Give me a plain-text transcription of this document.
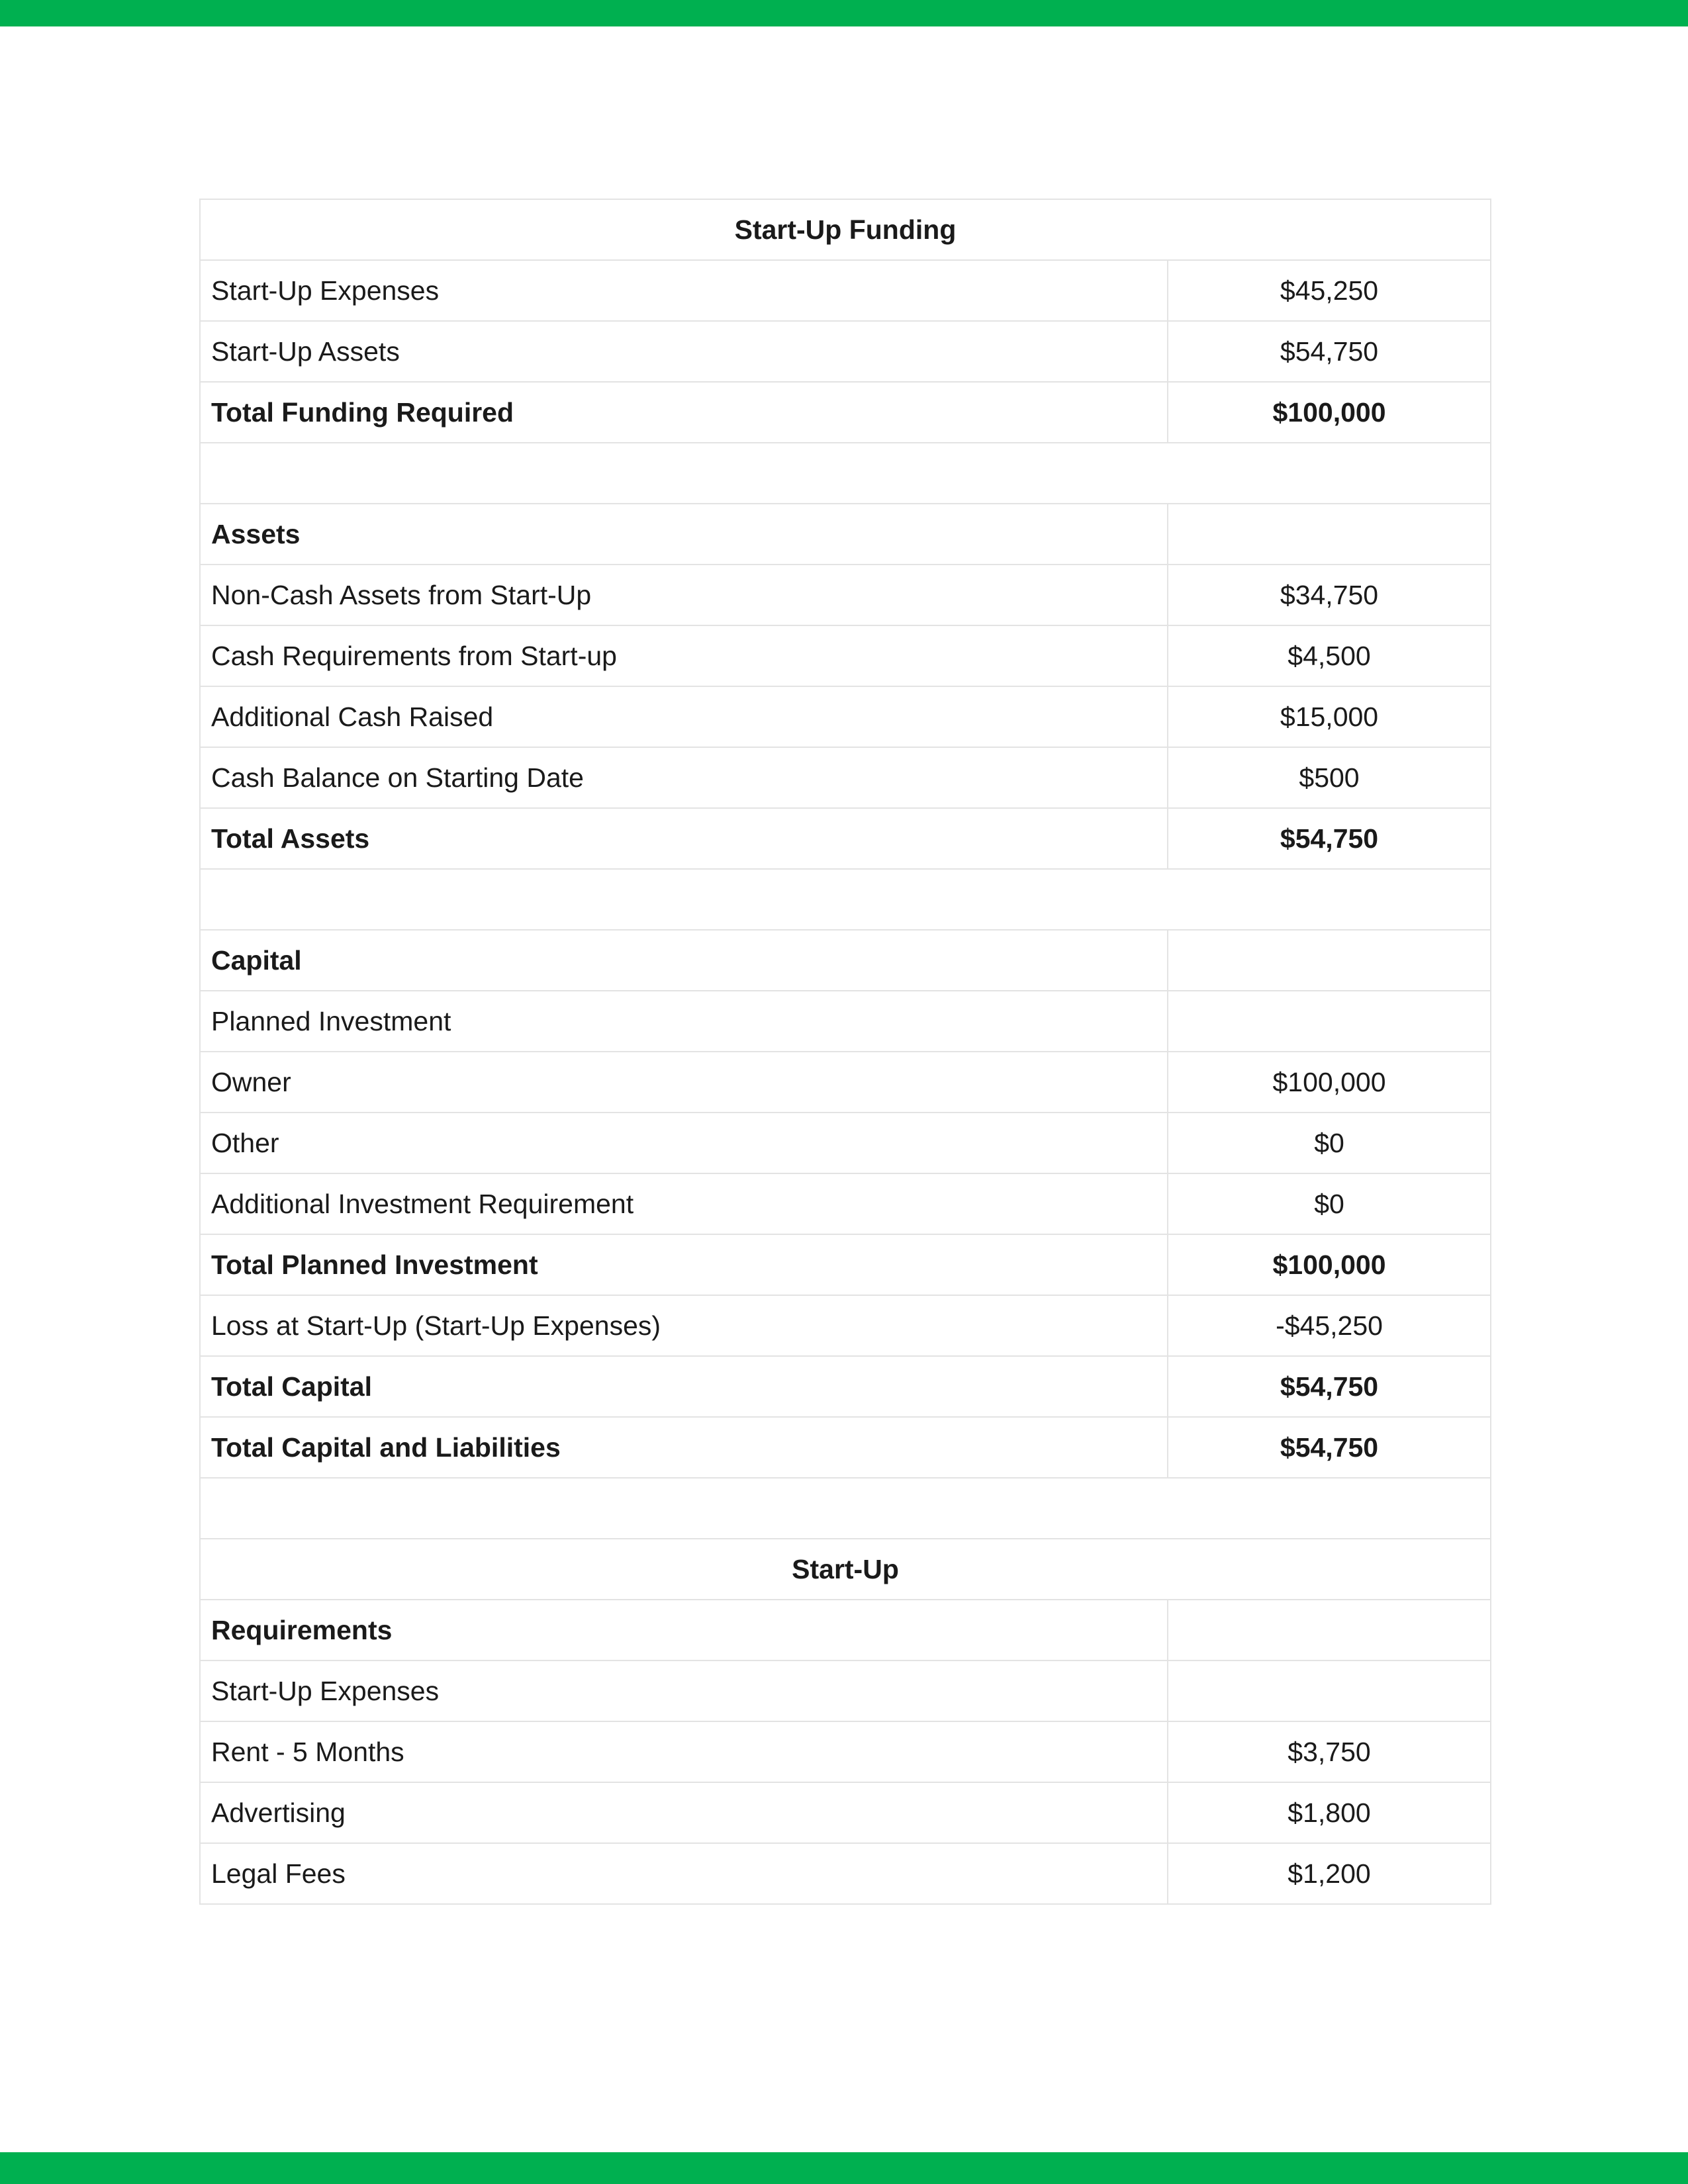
Start-Up Funding	
Start-Up Expenses	$45,250
Start-Up Assets	$54,750
Total Funding Required	$100,000

Assets	
Non-Cash Assets from Start-Up	$34,750
Cash Requirements from Start-up	$4,500
Additional Cash Raised	$15,000
Cash Balance on Starting Date	$500
Total Assets	$54,750

Capital	
Planned Investment	
Owner	$100,000
Other	$0
Additional Investment Requirement	$0
Total Planned Investment	$100,000
Loss at Start-Up (Start-Up Expenses)	-$45,250
Total Capital	$54,750
Total Capital and Liabilities	$54,750

Start-Up	
Requirements	
Start-Up Expenses	
Rent - 5 Months	$3,750
Advertising	$1,800
Legal Fees	$1,200
